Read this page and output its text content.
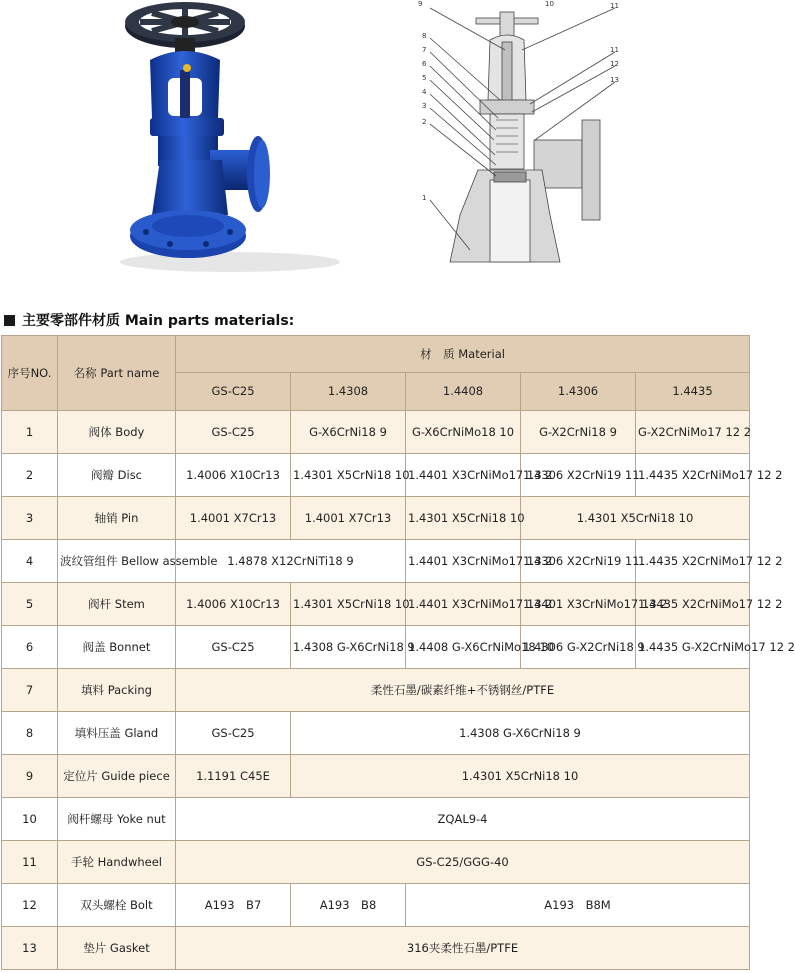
9	10	11
8
7
6
5
4
3
2
1
11
12
13
主要零部件材质 Main parts materials:
序号NO.	名称 Part name	材　质 Material				
		GS-C25	1.4308	1.4408	1.4306	1.4435
1	阀体 Body	GS-C25	G-X6CrNi18 9	G-X6CrNiMo18 10	G-X2CrNi18 9	G-X2CrNiMo17 12 2
2	阀瓣 Disc	1.4006 X10Cr13	1.4301 X5CrNi18 10	1.4401 X3CrNiMo17 13 2	1.4306 X2CrNi19 11	1.4435 X2CrNiMo17 12 2
3	轴销 Pin	1.4001 X7Cr13	1.4001 X7Cr13	1.4301 X5CrNi18 10	1.4301 X5CrNi18 10	
4	波纹管组件 Bellow assemble	1.4878 X12CrNiTi18 9		1.4401 X3CrNiMo17 13 2	1.4306 X2CrNi19 11	1.4435 X2CrNiMo17 12 2
5	阀杆 Stem	1.4006 X10Cr13	1.4301 X5CrNi18 10	1.4401 X3CrNiMo17 13 2	1.4401 X3CrNiMo17 13 2	1.4435 X2CrNiMo17 12 2
6	阀盖 Bonnet	GS-C25	1.4308 G-X6CrNi18 9	1.4408 G-X6CrNiMo18 10	1.4306 G-X2CrNi18 9	1.4435 G-X2CrNiMo17 12 2
7	填料 Packing	柔性石墨/碳素纤维+不锈钢丝/PTFE				
8	填料压盖 Gland	GS-C25	1.4308 G-X6CrNi18 9			
9	定位片 Guide piece	1.1191 C45E	1.4301 X5CrNi18 10			
10	阀杆螺母 Yoke nut	ZQAL9-4				
11	手轮 Handwheel	GS-C25/GGG-40				
12	双头螺栓 Bolt	A193　B7	A193　B8	A193　B8M		
13	垫片 Gasket	316夹柔性石墨/PTFE				
